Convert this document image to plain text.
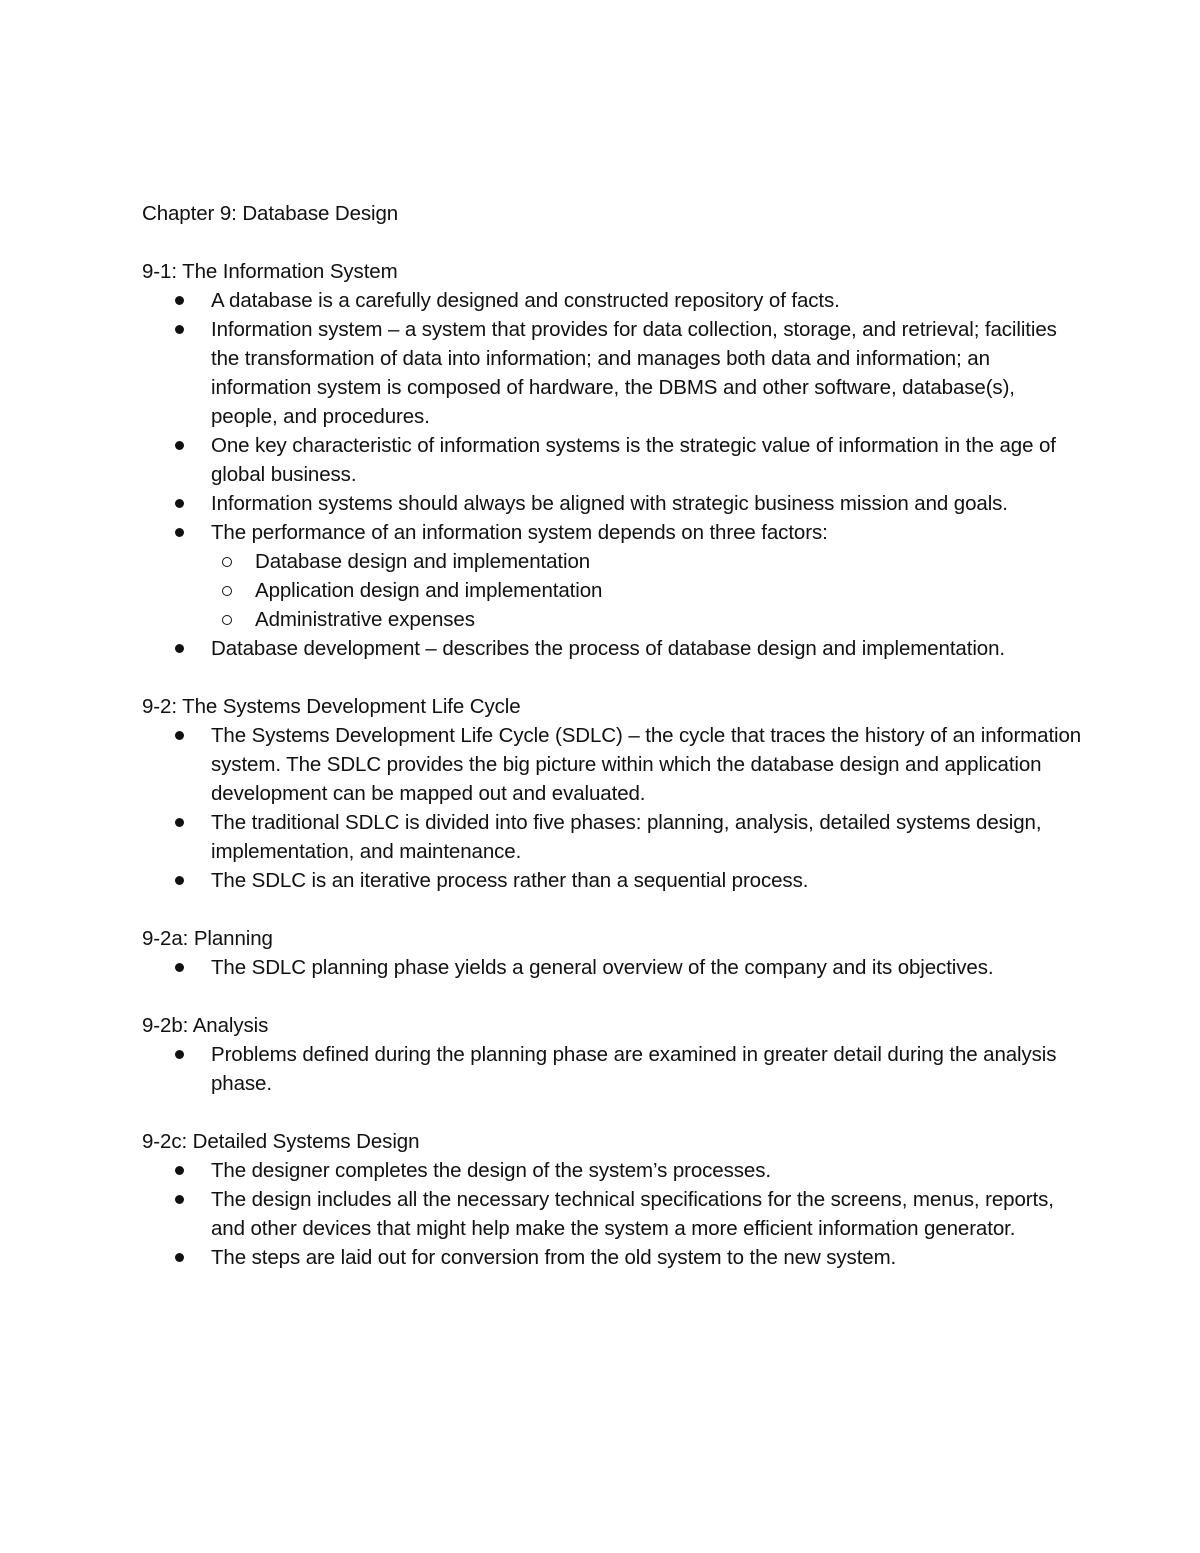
Chapter 9: Database Design
9-1: The Information System
A database is a carefully designed and constructed repository of facts.
Information system – a system that provides for data collection, storage, and retrieval; facilities the transformation of data into information; and manages both data and information; an information system is composed of hardware, the DBMS and other software, database(s), people, and procedures.
One key characteristic of information systems is the strategic value of information in the age of global business.
Information systems should always be aligned with strategic business mission and goals.
The performance of an information system depends on three factors:
Database design and implementation
Application design and implementation
Administrative expenses
Database development – describes the process of database design and implementation.
9-2: The Systems Development Life Cycle
The Systems Development Life Cycle (SDLC) – the cycle that traces the history of an information system. The SDLC provides the big picture within which the database design and application development can be mapped out and evaluated.
The traditional SDLC is divided into five phases: planning, analysis, detailed systems design, implementation, and maintenance.
The SDLC is an iterative process rather than a sequential process.
9-2a: Planning
The SDLC planning phase yields a general overview of the company and its objectives.
9-2b: Analysis
Problems defined during the planning phase are examined in greater detail during the analysis phase.
9-2c: Detailed Systems Design
The designer completes the design of the system’s processes.
The design includes all the necessary technical specifications for the screens, menus, reports, and other devices that might help make the system a more efficient information generator.
The steps are laid out for conversion from the old system to the new system.
